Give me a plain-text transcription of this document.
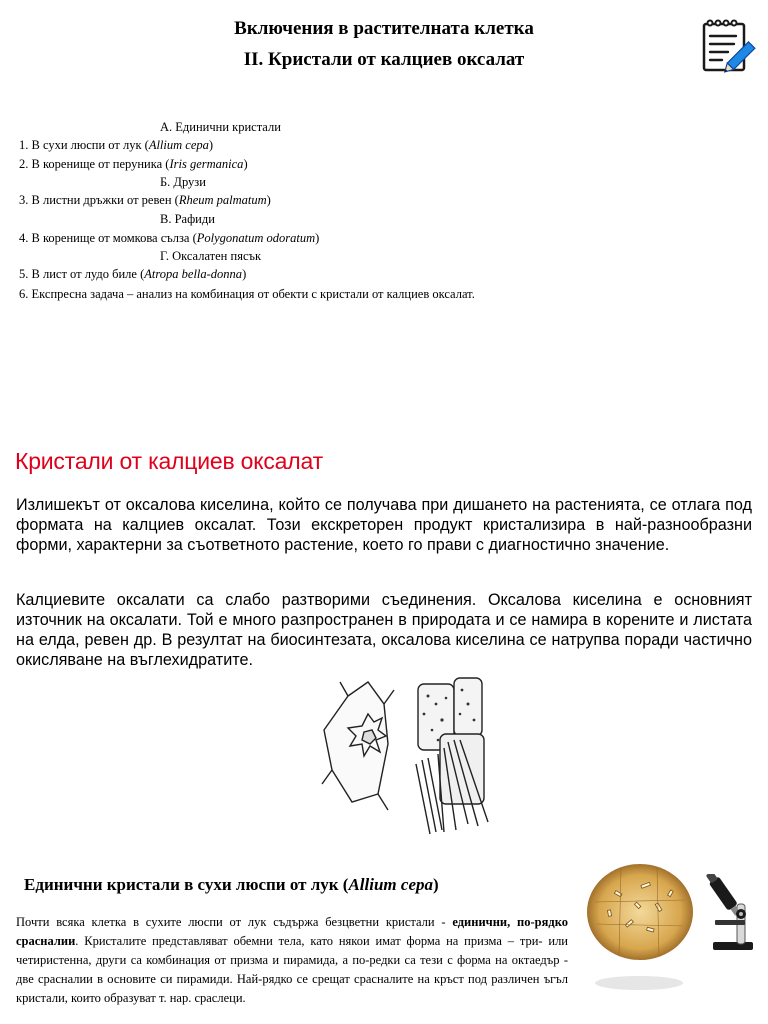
Включения в растителната клетка
II. Кристали от калциев оксалат
А. Единични кристали
1. В сухи люспи от лук (Allium cepa)
2. В коренище от перуника (Iris germanica)
Б. Друзи
3. В листни дръжки от ревен (Rheum palmatum)
В. Рафиди
4. В коренище от момкова сълза (Polygonatum odoratum)
Г. Оксалатен пясък
5. В лист от лудо биле (Atropa bella-donna)
6. Експресна задача – анализ на комбинация от обекти с кристали от калциев оксалат.
Кристали от калциев оксалат
Излишекът от оксалова киселина, който се получава при дишането на растенията, се отлага под формата на калциев оксалат. Този екскреторен продукт кристализира в най-разнообразни форми, характерни за съответното растение, което го прави с диагностично значение.
Калциевите оксалати са слабо разтворими съединения. Оксалова киселина е основният източник на оксалати. Той е много разпространен в природата и се намира в корените и листата на елда, ревен др. В резултат на биосинтезата, оксалова киселина се натрупва поради частично окисляване на въглехидратите.
Единични кристали в сухи люспи от лук (Allium cepa)
Почти всяка клетка в сухите люспи от лук съдържа безцветни кристали - единични, по-рядко срасналии. Кристалите представляват обемни тела, като някои имат форма на призма – три- или четиристенна, други са комбинация от призма и пирамида, а по-редки са тези с форма на октаедър - две срасналии в основите си пирамиди. Най-рядко се срещат срасналите на кръст под различен ъгъл кристали, които образуват т. нар. сраслеци.
